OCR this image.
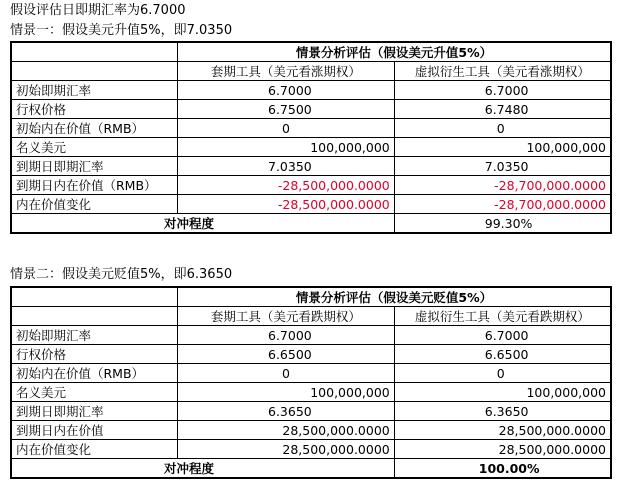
假设评估日即期汇率为6.7000
情景一：假设美元升值5%，即7.0350
	情景分析评估（假设美元升值5%）	
	套期工具（美元看涨期权）	虚拟衍生工具（美元看涨期权）
初始即期汇率	6.7000	6.7000
行权价格	6.7500	6.7480
初始内在价值（RMB）	0	0
名义美元	100,000,000	100,000,000
到期日即期汇率	7.0350	7.0350
到期日内在价值（RMB）	-28,500,000.0000	-28,700,000.0000
内在价值变化	-28,500,000.0000	-28,700,000.0000
对冲程度		99.30%
情景二：假设美元贬值5%，即6.3650
	情景分析评估（假设美元贬值5%）	
	套期工具（美元看跌期权）	虚拟衍生工具（美元看跌期权）
初始即期汇率	6.7000	6.7000
行权价格	6.6500	6.6500
初始内在价值（RMB）	0	0
名义美元	100,000,000	100,000,000
到期日即期汇率	6.3650	6.3650
到期日内在价值	28,500,000.0000	28,500,000.0000
内在价值变化	28,500,000.0000	28,500,000.0000
对冲程度		100.00%
